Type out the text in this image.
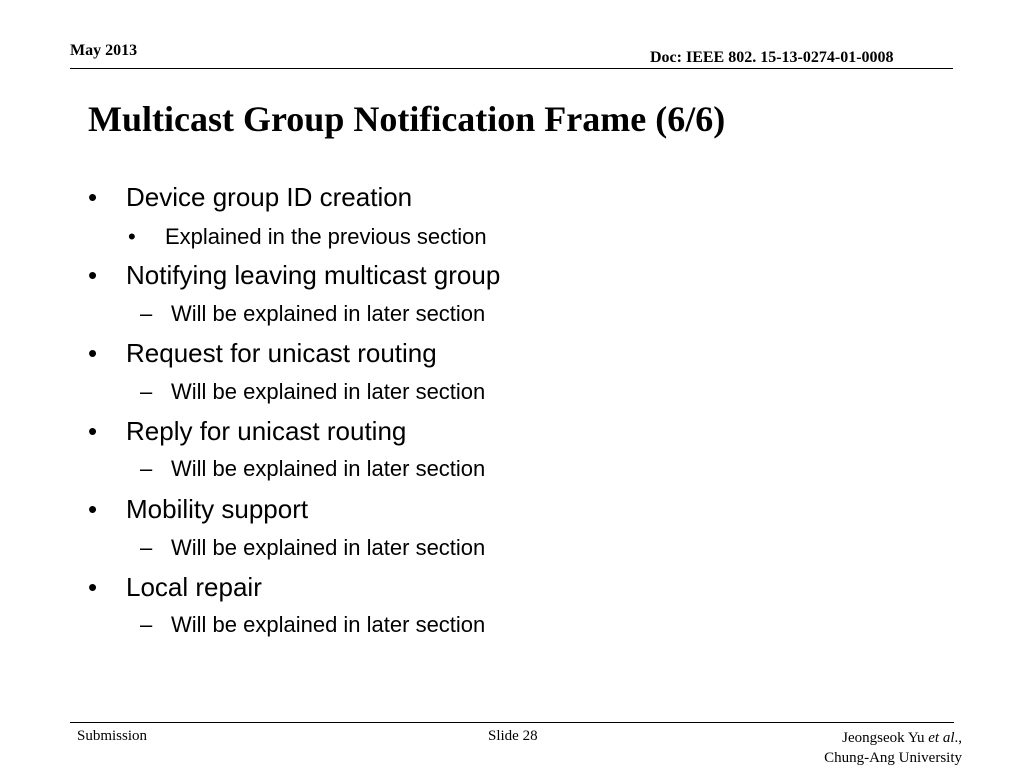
May 2013	Doc: IEEE 802. 15-13-0274-01-0008
Multicast Group Notification Frame (6/6)
• Device group ID creation
• Explained in the previous section
• Notifying leaving multicast group
– Will be explained in later section
• Request for unicast routing
– Will be explained in later section
• Reply for unicast routing
– Will be explained in later section
• Mobility support
– Will be explained in later section
• Local repair
– Will be explained in later section
Submission	Slide 28	Jeongseok Yu et al.,
Chung-Ang University
